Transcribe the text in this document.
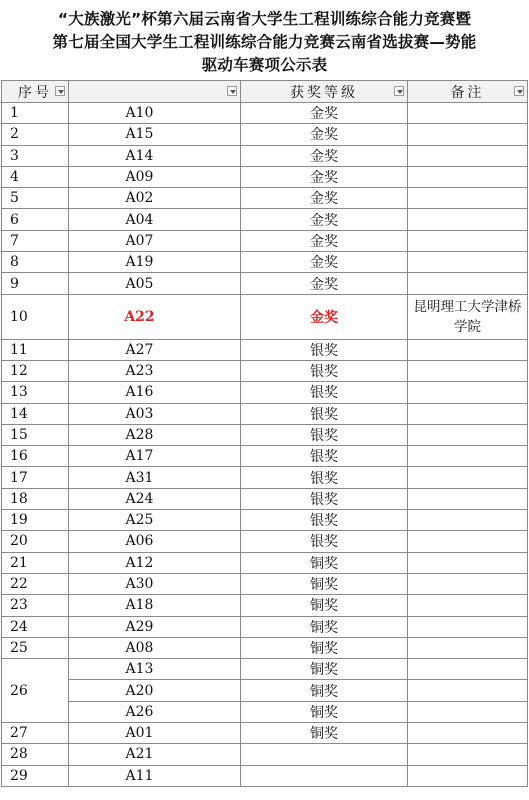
“大族激光”杯第六届云南省大学生工程训练综合能力竞赛暨
第七届全国大学生工程训练综合能力竞赛云南省选拔赛—势能
驱动车赛项公示表
序号		获奖等级	备注

1	A10	金奖	
2	A15	金奖	
3	A14	金奖	
4	A09	金奖	
5	A02	金奖	
6	A04	金奖	
7	A07	金奖	
8	A19	金奖	
9	A05	金奖	
10	A22	金奖	昆明理工大学津桥学院
11	A27	银奖	
12	A23	银奖	
13	A16	银奖	
14	A03	银奖	
15	A28	银奖	
16	A17	银奖	
17	A31	银奖	
18	A24	银奖	
19	A25	银奖	
20	A06	银奖	
21	A12	铜奖	
22	A30	铜奖	
23	A18	铜奖	
24	A29	铜奖	
25	A08	铜奖	
26	A13	铜奖	
	A20	铜奖	
	A26	铜奖	
27	A01	铜奖	
28	A21		
29	A11		
